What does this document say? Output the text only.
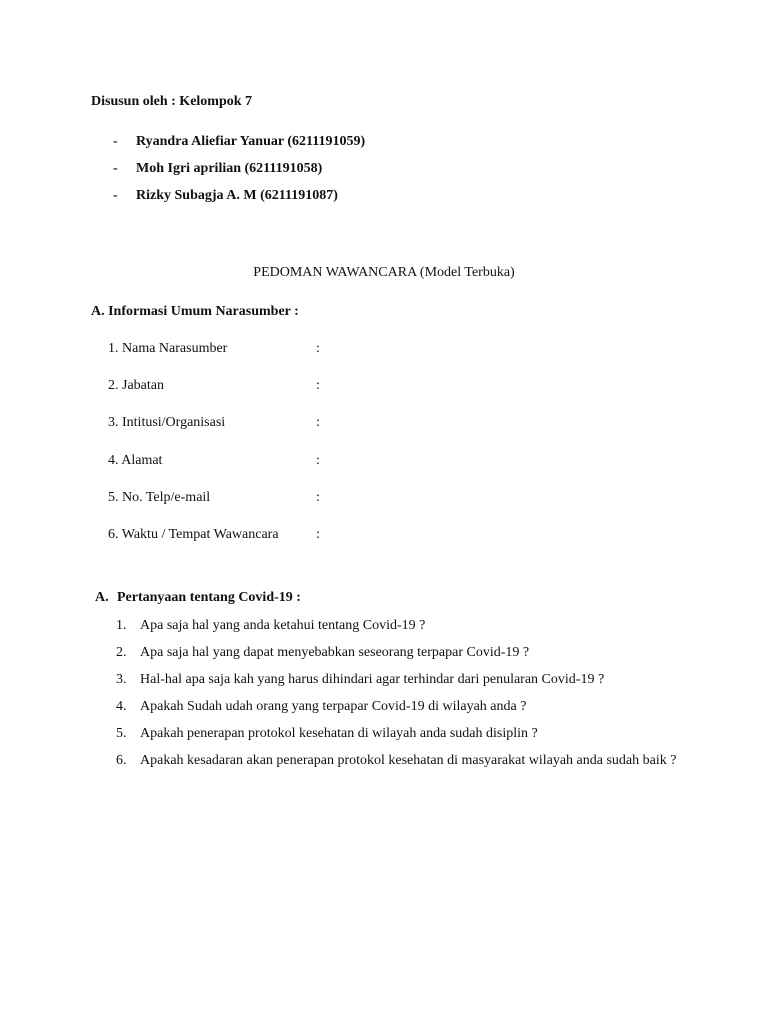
Disusun oleh : Kelompok 7
- Ryandra Aliefiar Yanuar (6211191059)
- Moh Igri aprilian (6211191058)
- Rizky Subagja A. M (6211191087)
PEDOMAN WAWANCARA (Model Terbuka)
A. Informasi Umum Narasumber :
1. Nama Narasumber	:
2. Jabatan	:
3. Intitusi/Organisasi	:
4. Alamat	:
5. No. Telp/e-mail	:
6. Waktu / Tempat Wawancara	:
A. Pertanyaan tentang Covid-19 :
1. Apa saja hal yang anda ketahui tentang Covid-19 ?
2. Apa saja hal yang dapat menyebabkan seseorang terpapar Covid-19 ?
3. Hal-hal apa saja kah yang harus dihindari agar terhindar dari penularan Covid-19 ?
4. Apakah Sudah udah orang yang terpapar Covid-19 di wilayah anda ?
5. Apakah penerapan protokol kesehatan di wilayah anda sudah disiplin ?
6. Apakah kesadaran akan penerapan protokol kesehatan di masyarakat wilayah anda sudah baik ?
